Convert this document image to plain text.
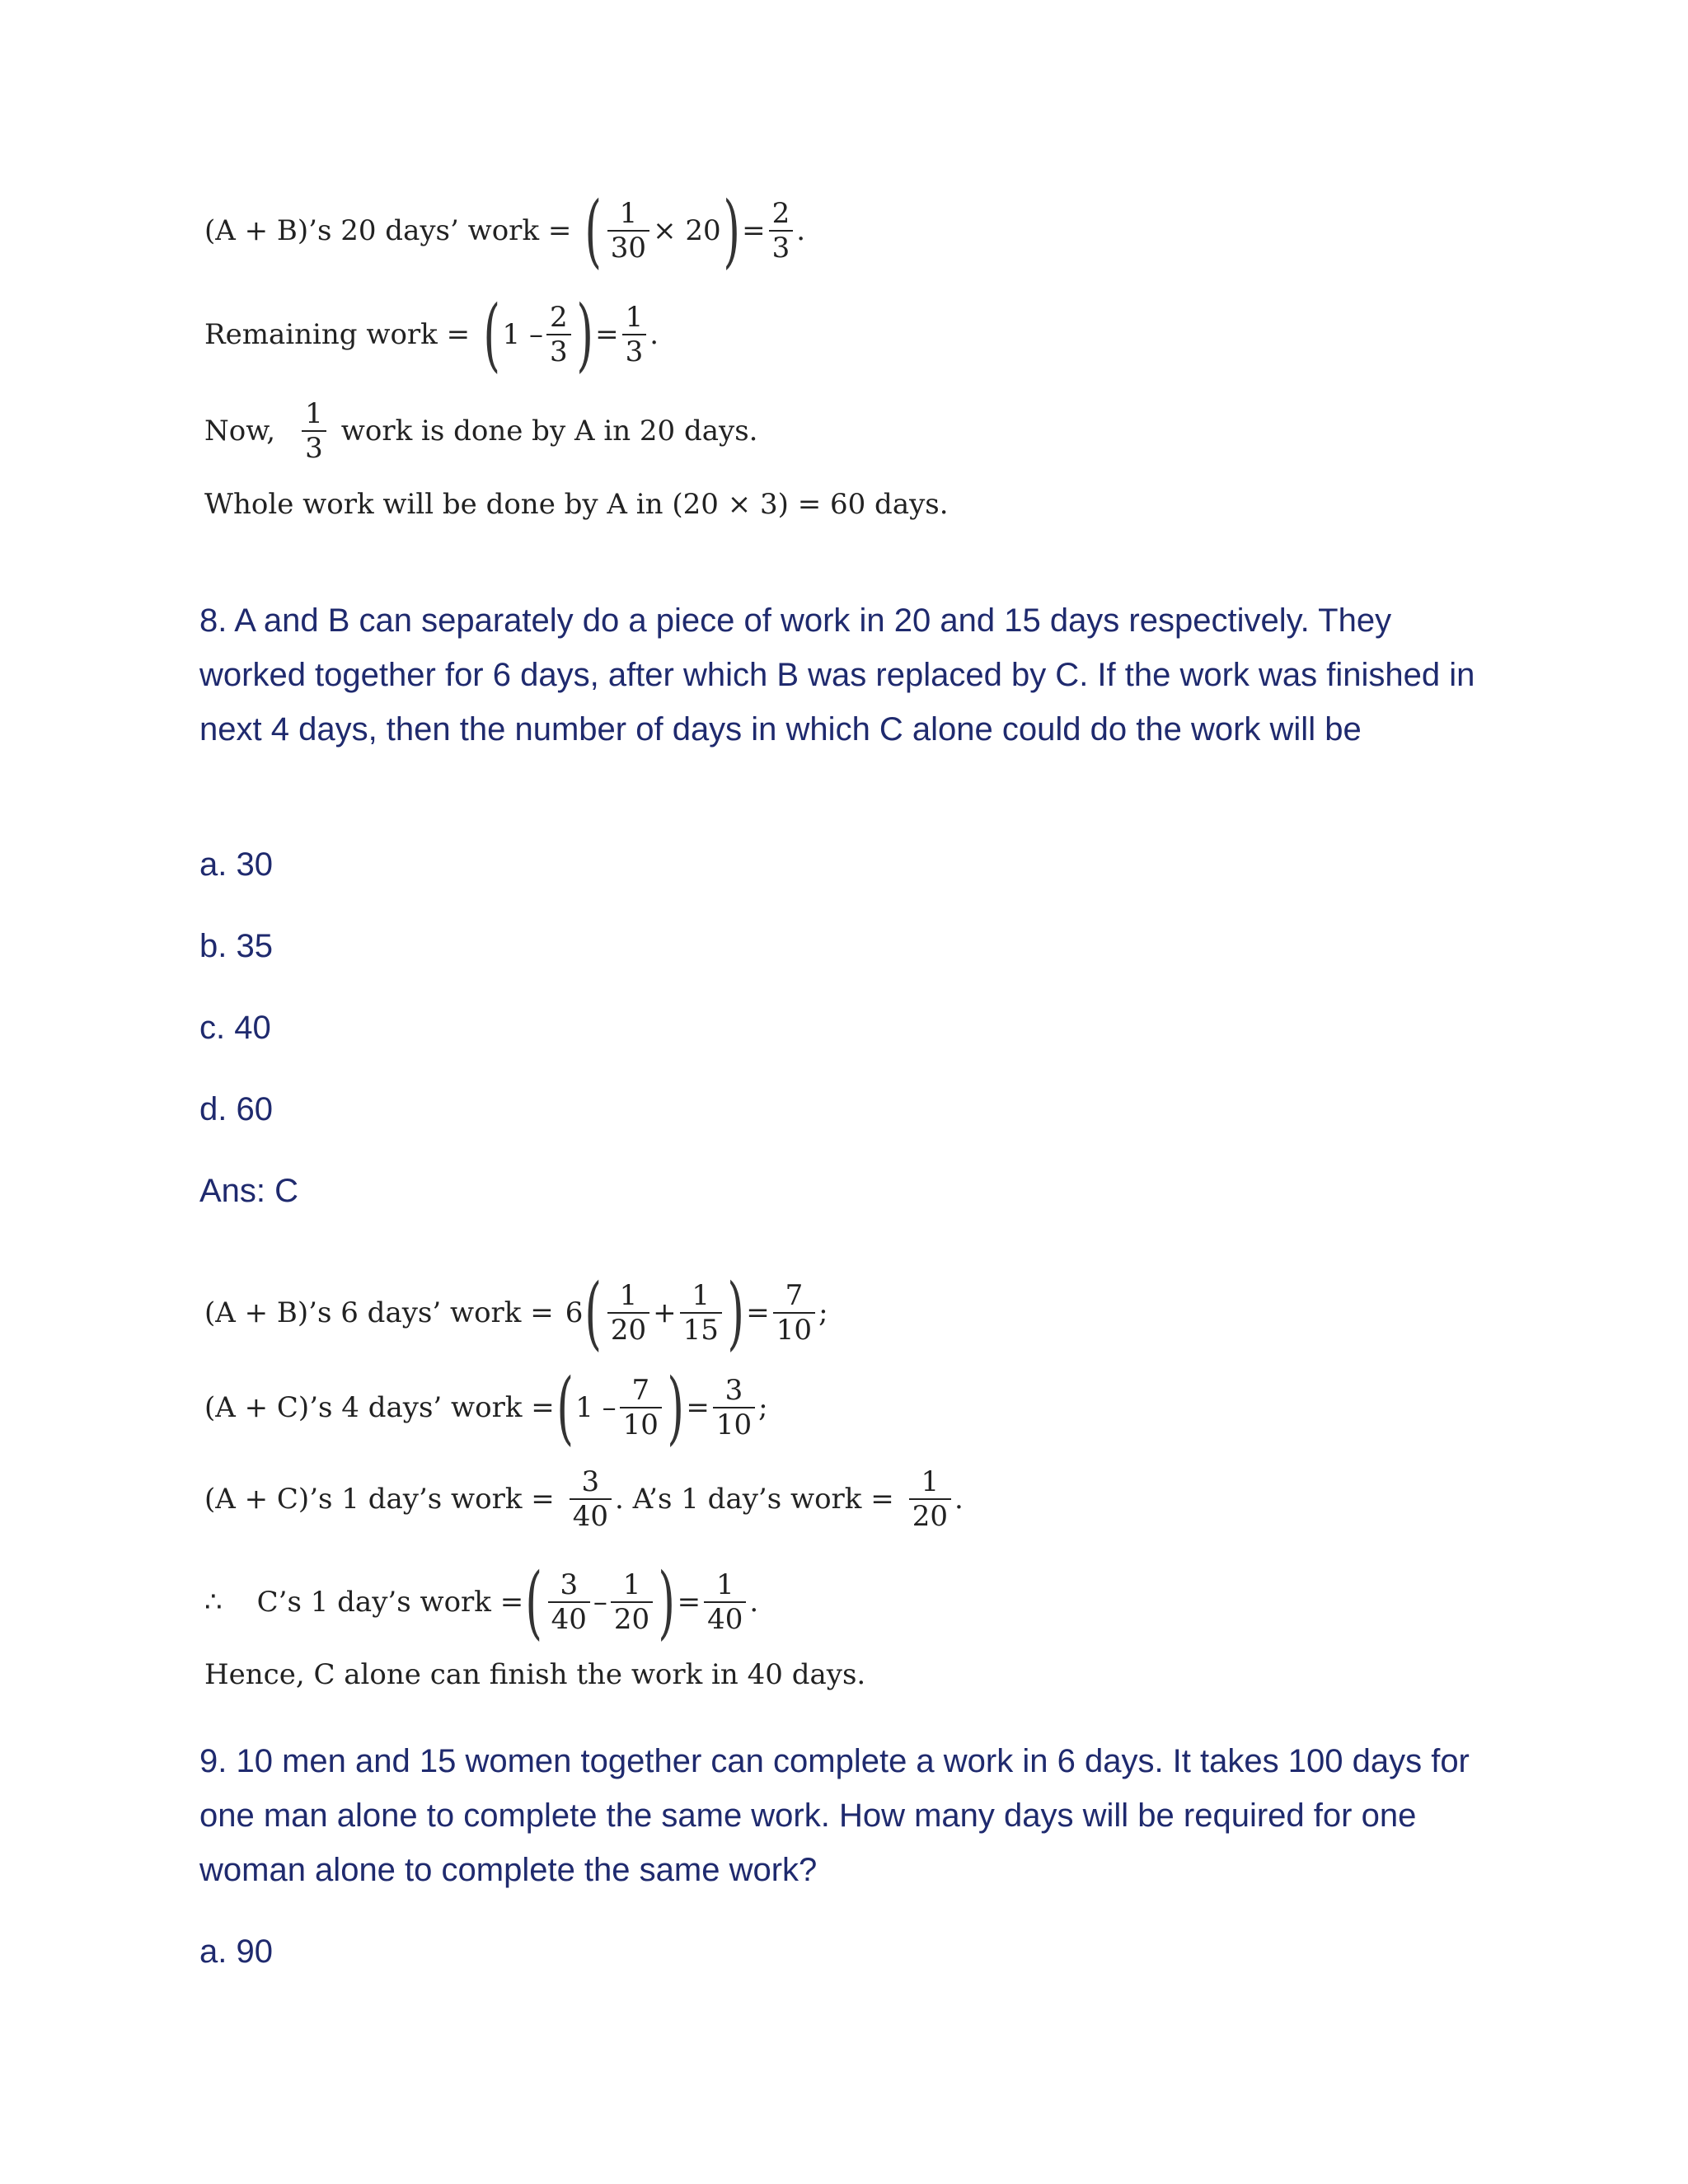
(A + B)’s 20 days’ work = ( $\frac{1}{30} \times 20$ ) = $\frac{2}{3}$ .
Remaining work = ( $1 - \frac{2}{3}$ ) = $\frac{1}{3}$ .
Now, $\frac{1}{3}$ work is done by A in 20 days.
Whole work will be done by A in (20 × 3) = 60 days.
8. A and B can separately do a piece of work in 20 and 15 days respectively. They worked together for 6 days, after which B was replaced by C. If the work was finished in next 4 days, then the number of days in which C alone could do the work will be
a. 30
b. 35
c. 40
d. 60
Ans: C
(A + B)’s 6 days’ work = 6 ( $\frac{1}{20} + \frac{1}{15}$ ) = $\frac{7}{10}$ ;
(A + C)’s 4 days’ work = ( $1 - \frac{7}{10}$ ) = $\frac{3}{10}$ ;
(A + C)’s 1 day’s work = $\frac{3}{40}$ . A’s 1 day’s work = $\frac{1}{20}$ .
∴ C’s 1 day’s work = ( $\frac{3}{40} - \frac{1}{20}$ ) = $\frac{1}{40}$ .
Hence, C alone can finish the work in 40 days.
9. 10 men and 15 women together can complete a work in 6 days. It takes 100 days for one man alone to complete the same work. How many days will be required for one woman alone to complete the same work?
a. 90
